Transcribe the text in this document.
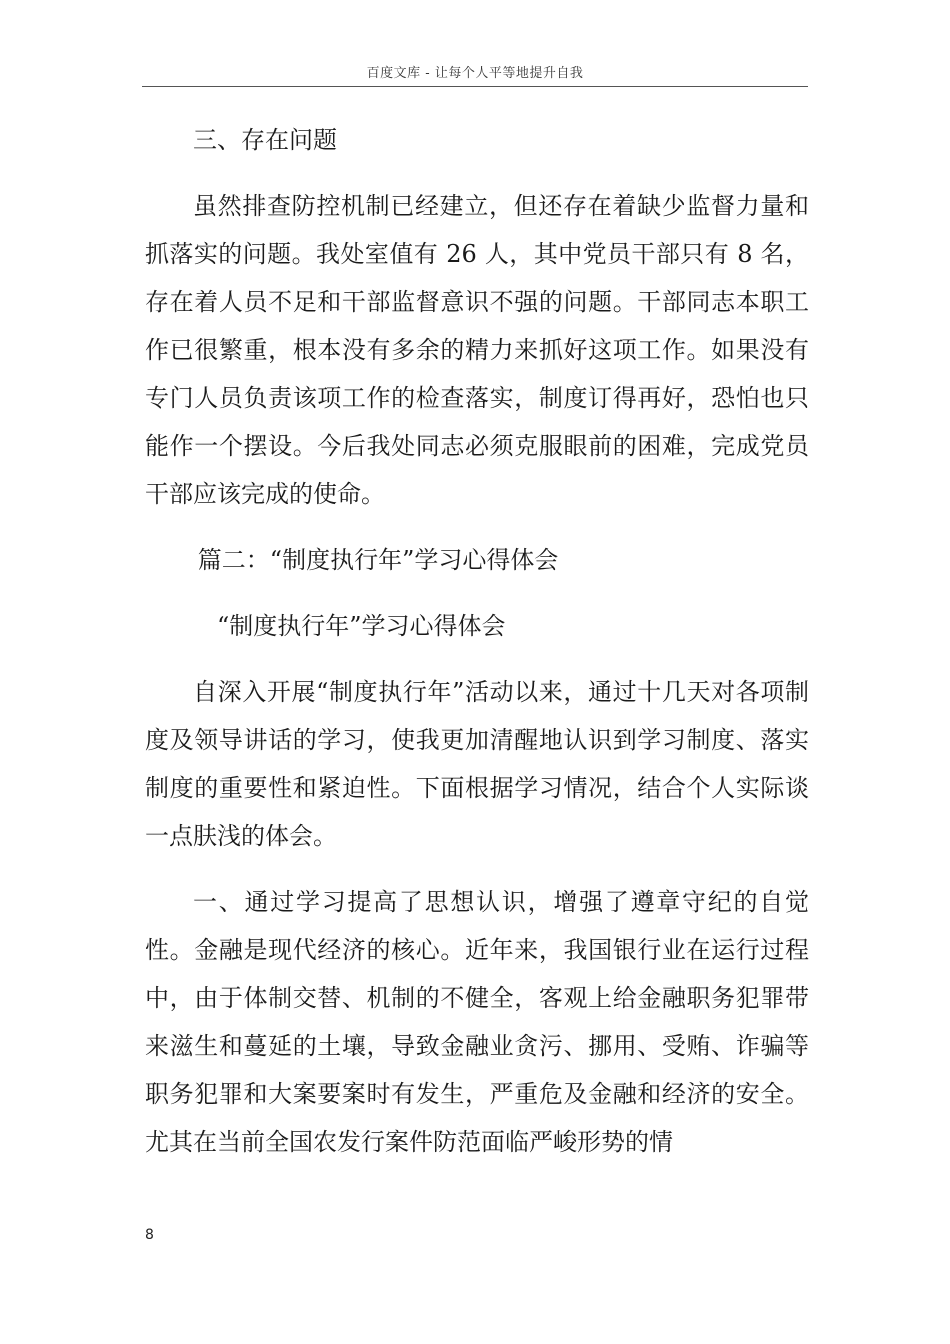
百度文库 - 让每个人平等地提升自我

三、存在问题

虽然排查防控机制已经建立，但还存在着缺少监督力量和抓落实的问题。我处室值有 26 人，其中党员干部只有 8 名，存在着人员不足和干部监督意识不强的问题。干部同志本职工作已很繁重，根本没有多余的精力来抓好这项工作。如果没有专门人员负责该项工作的检查落实，制度订得再好，恐怕也只能作一个摆设。今后我处同志必须克服眼前的困难，完成党员干部应该完成的使命。

篇二：“制度执行年”学习心得体会

“制度执行年”学习心得体会

自深入开展“制度执行年”活动以来，通过十几天对各项制度及领导讲话的学习，使我更加清醒地认识到学习制度、落实制度的重要性和紧迫性。下面根据学习情况，结合个人实际谈一点肤浅的体会。

一、通过学习提高了思想认识，增强了遵章守纪的自觉性。金融是现代经济的核心。近年来，我国银行业在运行过程中，由于体制交替、机制的不健全，客观上给金融职务犯罪带来滋生和蔓延的土壤，导致金融业贪污、挪用、受贿、诈骗等职务犯罪和大案要案时有发生，严重危及金融和经济的安全。尤其在当前全国农发行案件防范面临严峻形势的情

8
